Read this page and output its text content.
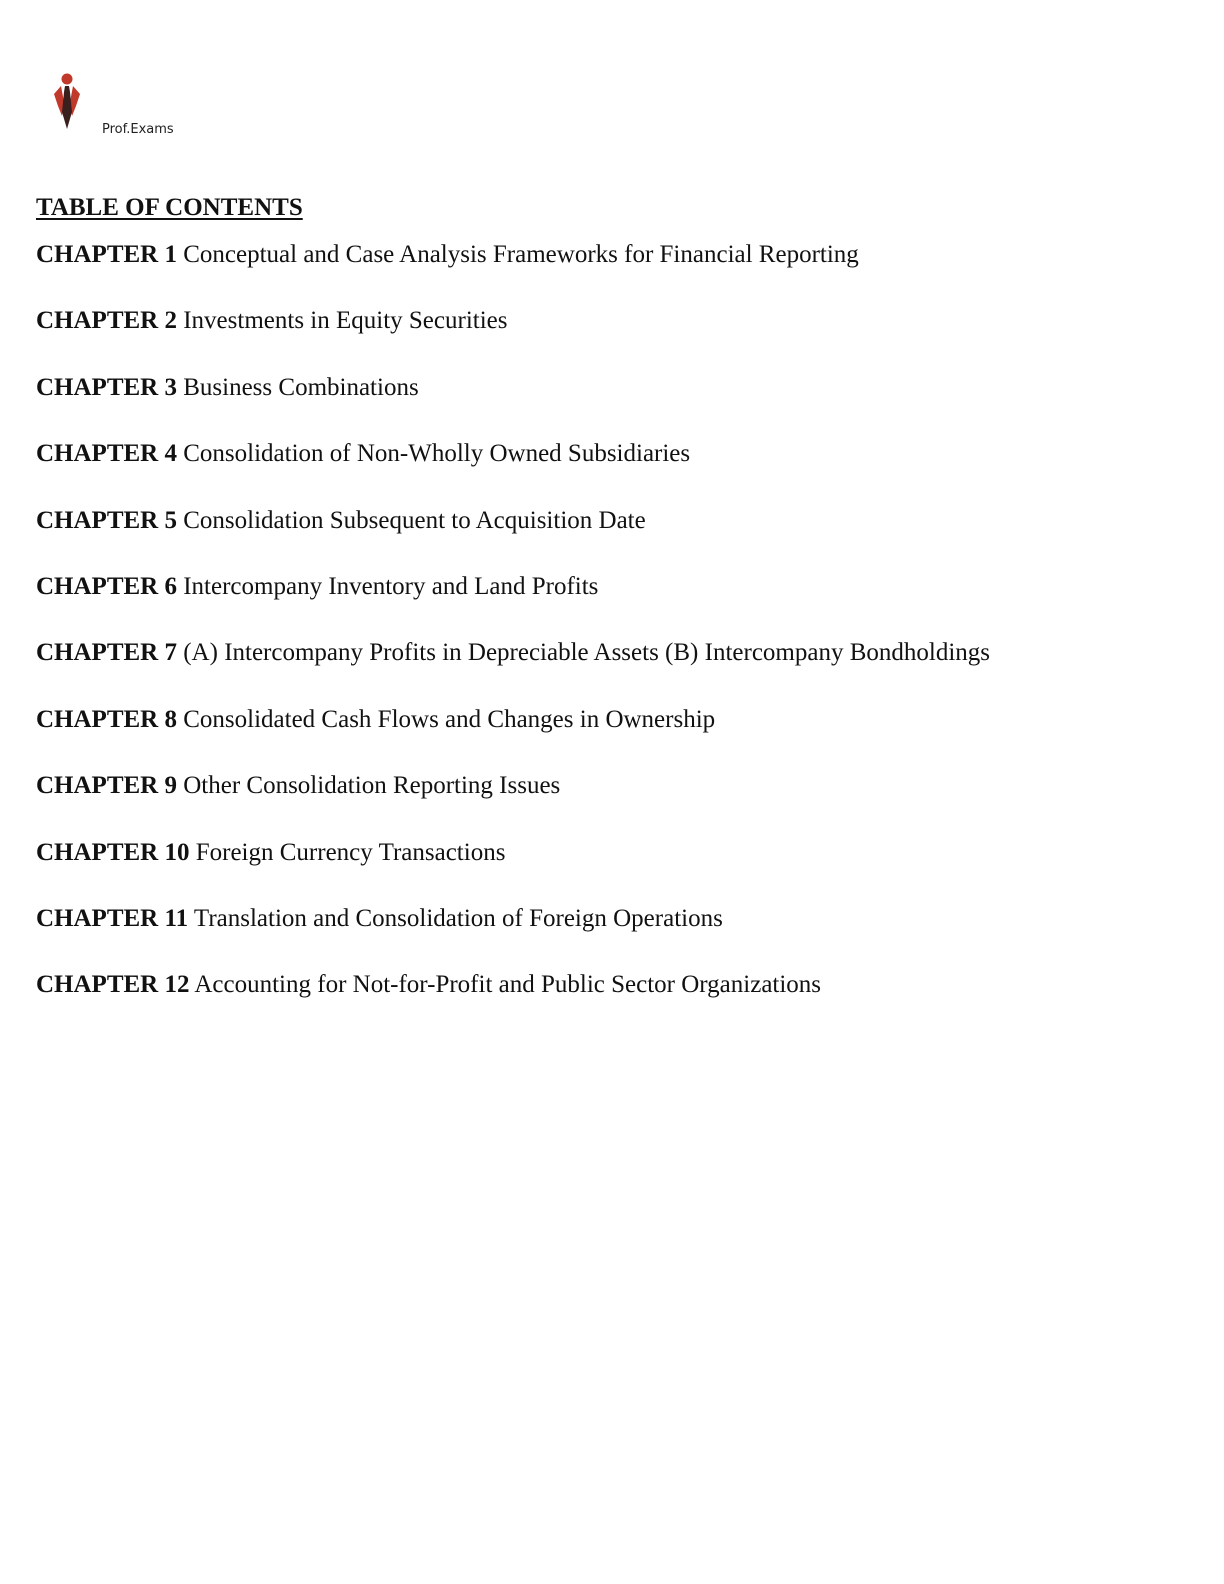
Prof.Exams
TABLE OF CONTENTS
CHAPTER 1 Conceptual and Case Analysis Frameworks for Financial Reporting
CHAPTER 2 Investments in Equity Securities
CHAPTER 3 Business Combinations
CHAPTER 4 Consolidation of Non-Wholly Owned Subsidiaries
CHAPTER 5 Consolidation Subsequent to Acquisition Date
CHAPTER 6 Intercompany Inventory and Land Profits
CHAPTER 7 (A) Intercompany Profits in Depreciable Assets (B) Intercompany Bondholdings
CHAPTER 8 Consolidated Cash Flows and Changes in Ownership
CHAPTER 9 Other Consolidation Reporting Issues
CHAPTER 10 Foreign Currency Transactions
CHAPTER 11 Translation and Consolidation of Foreign Operations
CHAPTER 12 Accounting for Not-for-Profit and Public Sector Organizations
